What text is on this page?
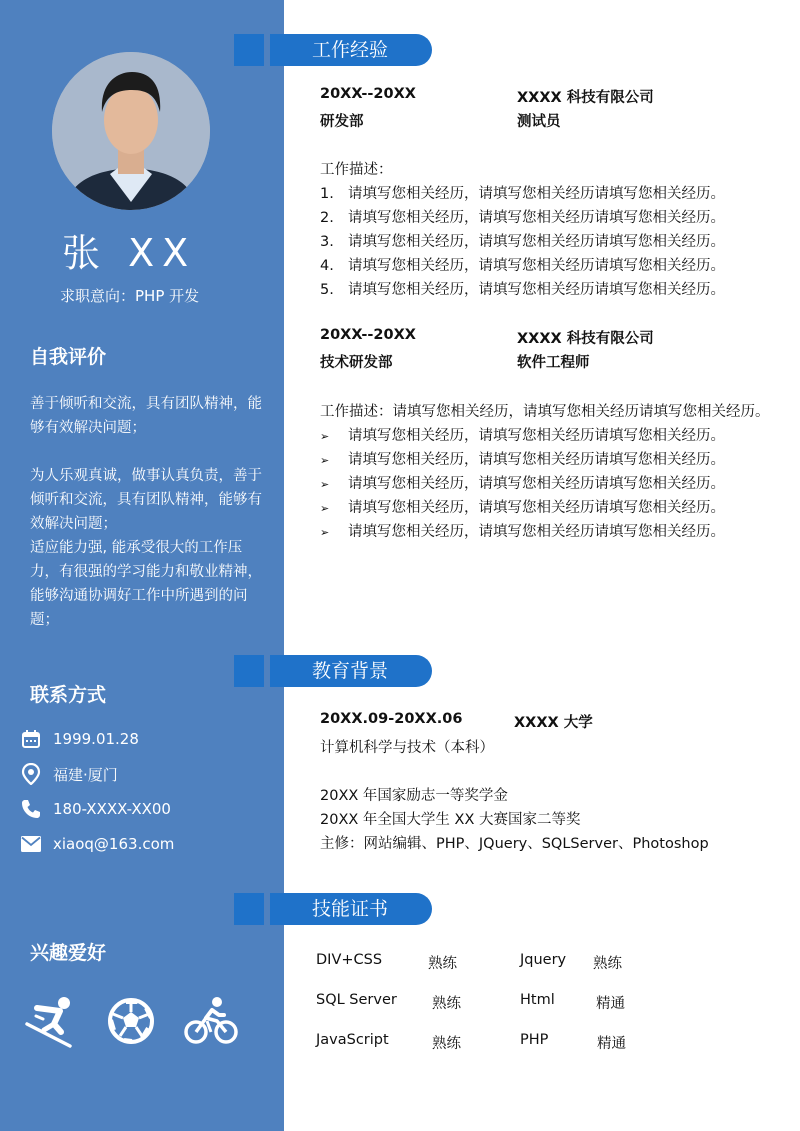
张 XX
求职意向：PHP 开发
自我评价

善于倾听和交流，具有团队精神，能够有效解决问题；

为人乐观真诚，做事认真负责，善于倾听和交流，具有团队精神，能够有效解决问题；

适应能力强, 能承受很大的工作压力，有很强的学习能力和敬业精神，能够沟通协调好工作中所遇到的问题；

联系方式
1999.01.28
福建·厦门
180-XXXX-XX00
xiaoq@163.com
兴趣爱好
工作经验
20XX--20XX	XXXX 科技有限公司
研发部	测试员
工作描述：
1. 请填写您相关经历，请填写您相关经历请填写您相关经历。
2. 请填写您相关经历，请填写您相关经历请填写您相关经历。
3. 请填写您相关经历，请填写您相关经历请填写您相关经历。
4. 请填写您相关经历，请填写您相关经历请填写您相关经历。
5. 请填写您相关经历，请填写您相关经历请填写您相关经历。
20XX--20XX	XXXX 科技有限公司
技术研发部	软件工程师
工作描述：请填写您相关经历，请填写您相关经历请填写您相关经历。
➢ 请填写您相关经历，请填写您相关经历请填写您相关经历。
➢ 请填写您相关经历，请填写您相关经历请填写您相关经历。
➢ 请填写您相关经历，请填写您相关经历请填写您相关经历。
➢ 请填写您相关经历，请填写您相关经历请填写您相关经历。
➢ 请填写您相关经历，请填写您相关经历请填写您相关经历。
教育背景
20XX.09-20XX.06	XXXX 大学
计算机科学与技术（本科）
20XX 年国家励志一等奖学金
20XX 年全国大学生 XX 大赛国家二等奖
主修：网站编辑、PHP、JQuery、SQLServer、Photoshop
技能证书
DIV+CSS	熟练	Jquery 熟练
SQL Server 熟练	Html	精通
JavaScript	熟练	PHP	精通
